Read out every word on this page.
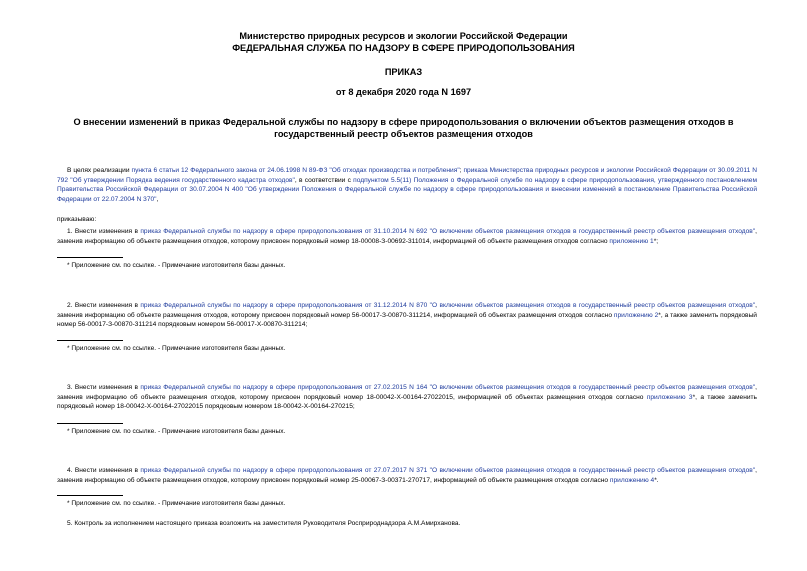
Министерство природных ресурсов и экологии Российской Федерации
ФЕДЕРАЛЬНАЯ СЛУЖБА ПО НАДЗОРУ В СФЕРЕ ПРИРОДОПОЛЬЗОВАНИЯ
ПРИКАЗ
от 8 декабря 2020 года N 1697
О внесении изменений в приказ Федеральной службы по надзору в сфере природопользования о включении объектов размещения отходов в государственный реестр объектов размещения отходов
В целях реализации пункта 6 статьи 12 Федерального закона от 24.06.1998 N 89-ФЗ "Об отходах производства и потребления"; приказа Министерства природных ресурсов и экологии Российской Федерации от 30.09.2011 N 792 "Об утверждении Порядка ведения государственного кадастра отходов", в соответствии с подпунктом 5.5(11) Положения о Федеральной службе по надзору в сфере природопользования, утвержденного постановлением Правительства Российской Федерации от 30.07.2004 N 400 "Об утверждении Положения о Федеральной службе по надзору в сфере природопользования и внесении изменений в постановление Правительства Российской Федерации от 22.07.2004 N 370",
приказываю:
1. Внести изменения в приказ Федеральной службы по надзору в сфере природопользования от 31.10.2014 N 692 "О включении объектов размещения отходов в государственный реестр объектов размещения отходов", заменив информацию об объекте размещения отходов, которому присвоен порядковый номер 18-00008-З-00692-311014, информацией об объекте размещения отходов согласно приложению 1*;
* Приложение см. по ссылке. - Примечание изготовителя базы данных.
2. Внести изменения в приказ Федеральной службы по надзору в сфере природопользования от 31.12.2014 N 870 "О включении объектов размещения отходов в государственный реестр объектов размещения отходов", заменив информацию об объекте размещения отходов, которому присвоен порядковый номер 56-00017-З-00870-311214, информацией об объектах размещения отходов согласно приложению 2*, а также заменить порядковый номер 56-00017-З-00870-311214 порядковым номером 56-00017-Х-00870-311214;
* Приложение см. по ссылке. - Примечание изготовителя базы данных.
3. Внести изменения в приказ Федеральной службы по надзору в сфере природопользования от 27.02.2015 N 164 "О включении объектов размещения отходов в государственный реестр объектов размещения отходов", заменив информацию об объекте размещения отходов, которому присвоен порядковый номер 18-00042-Х-00164-27022015, информацией об объектах размещения отходов согласно приложению 3*, а также заменить порядковый номер 18-00042-Х-00164-27022015 порядковым номером 18-00042-Х-00164-270215;
* Приложение см. по ссылке. - Примечание изготовителя базы данных.
4. Внести изменения в приказ Федеральной службы по надзору в сфере природопользования от 27.07.2017 N 371 "О включении объектов размещения отходов в государственный реестр объектов размещения отходов", заменив информацию об объекте размещения отходов, которому присвоен порядковый номер 25-00067-З-00371-270717, информацией об объекте размещения отходов согласно приложению 4*.
* Приложение см. по ссылке. - Примечание изготовителя базы данных.
5. Контроль за исполнением настоящего приказа возложить на заместителя Руководителя Росприроднадзора А.М.Амирханова.
